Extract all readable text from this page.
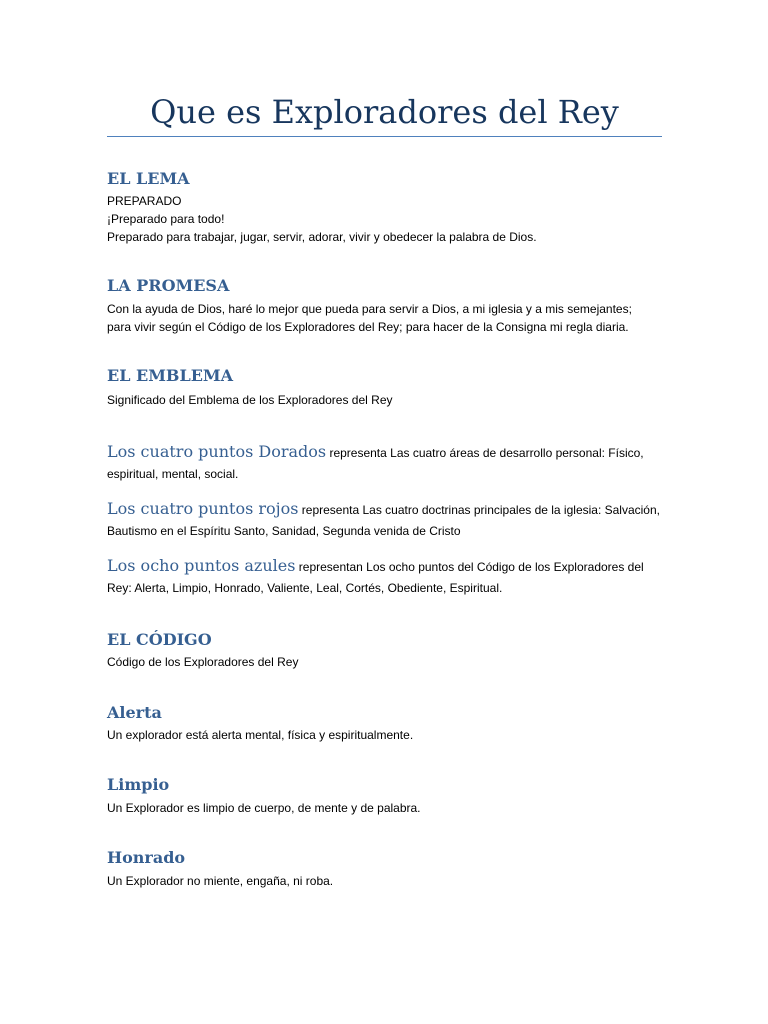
Que es Exploradores del Rey
EL LEMA
PREPARADO
¡Preparado para todo!
Preparado para trabajar, jugar, servir, adorar, vivir y obedecer la palabra de Dios.
LA PROMESA
Con la ayuda de Dios, haré lo mejor que pueda para servir a Dios, a mi iglesia y a mis semejantes;
para vivir según el Código de los Exploradores del Rey; para hacer de la Consigna mi regla diaria.
EL EMBLEMA
Significado del Emblema de los Exploradores del Rey
Los cuatro puntos Dorados representa Las cuatro áreas de desarrollo personal: Físico, espiritual, mental, social.
Los cuatro puntos rojos representa Las cuatro doctrinas principales de la iglesia: Salvación, Bautismo en el Espíritu Santo, Sanidad, Segunda venida de Cristo
Los ocho puntos azules representan Los ocho puntos del Código de los Exploradores del Rey: Alerta, Limpio, Honrado, Valiente, Leal, Cortés, Obediente, Espiritual.
EL CÓDIGO
Código de los Exploradores del Rey
Alerta
Un explorador está alerta mental, física y espiritualmente.
Limpio
Un Explorador es limpio de cuerpo, de mente y de palabra.
Honrado
Un Explorador no miente, engaña, ni roba.
